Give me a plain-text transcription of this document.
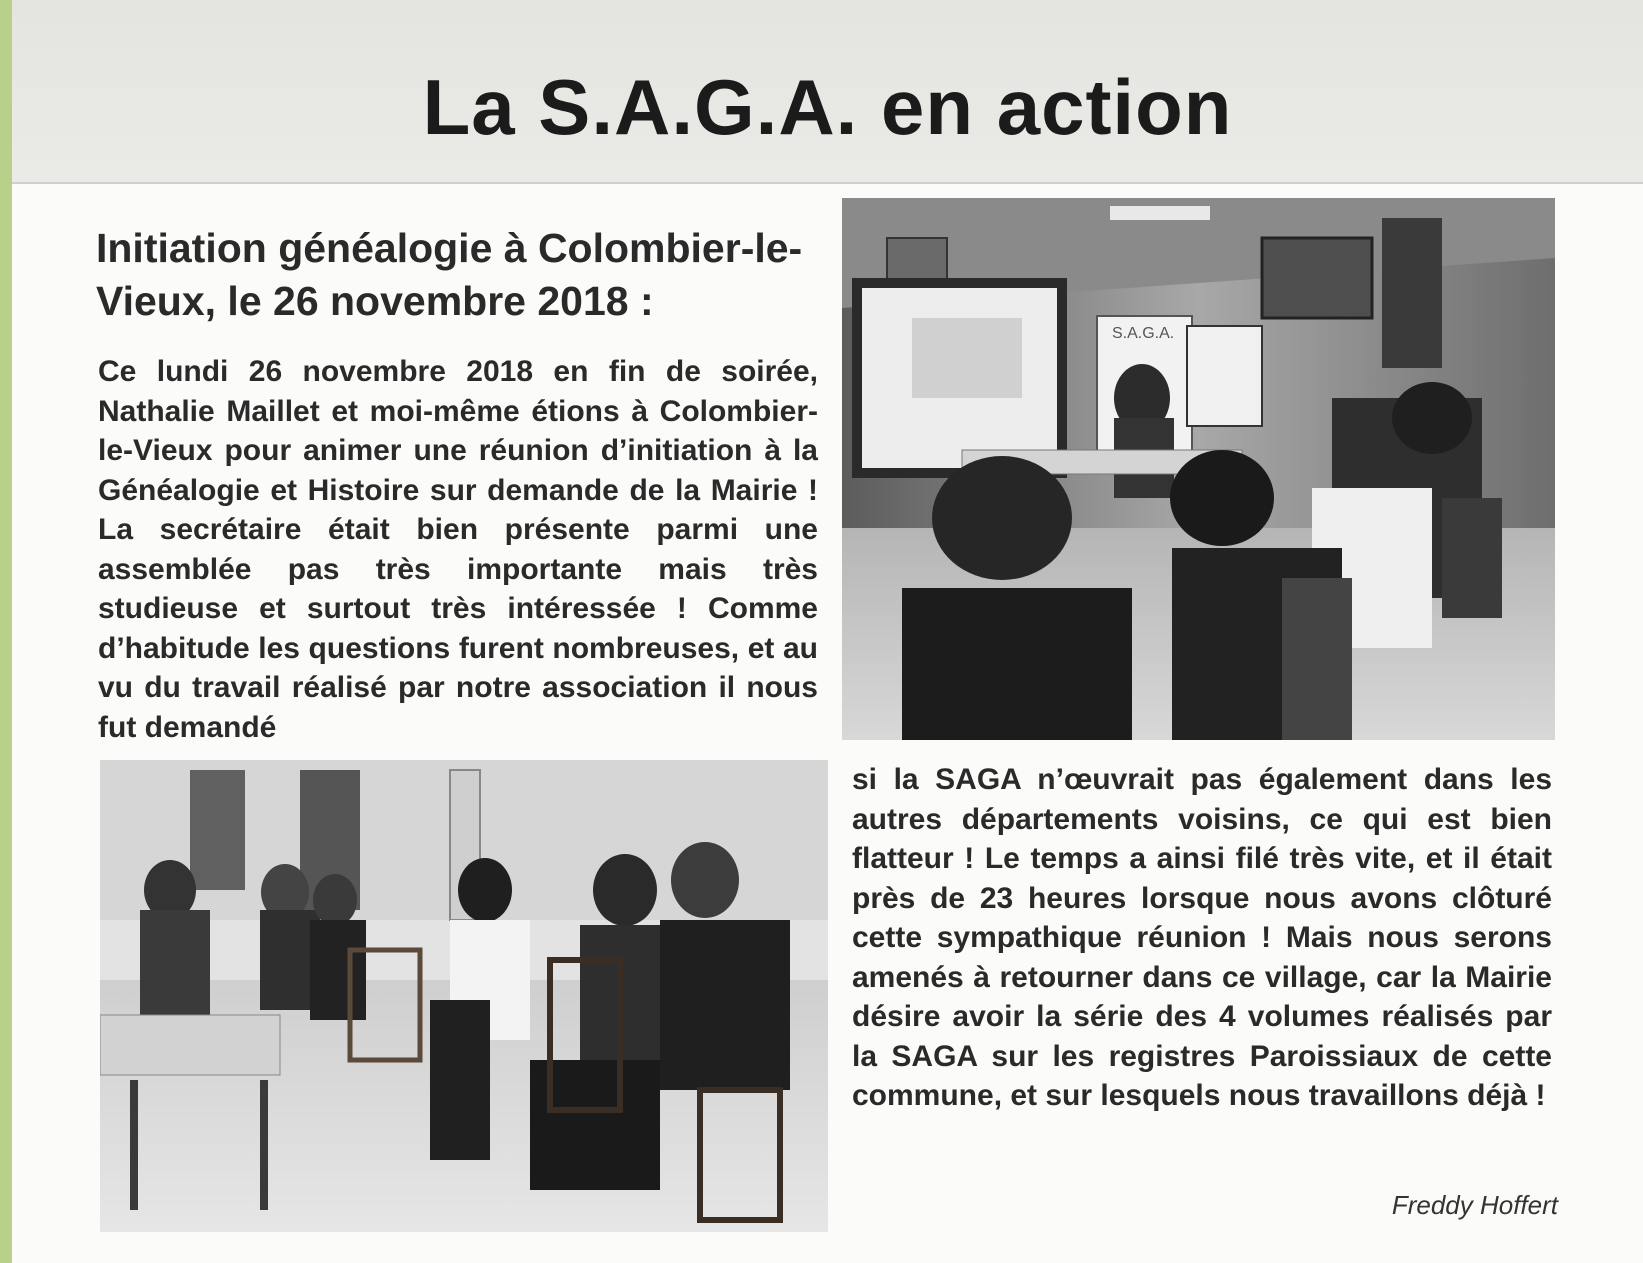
La S.A.G.A. en action
Initiation généalogie à Colombier-le-Vieux, le 26 novembre 2018 :

Ce lundi 26 novembre 2018 en fin de soirée, Nathalie Maillet et moi-même étions à Colombier-le-Vieux pour animer une réunion d’initiation à la Généalogie et Histoire sur demande de la Mairie ! La secrétaire était bien présente parmi une assemblée pas très importante mais très studieuse et surtout très intéressée ! Comme d’habitude les questions furent nombreuses, et au vu du travail réalisé par notre association il nous fut demandé

S.A.G.A.

si la SAGA n’œuvrait pas également dans les autres départements voisins, ce qui est bien flatteur ! Le temps a ainsi filé très vite, et il était près de 23 heures lorsque nous avons clôturé cette sympathique réunion ! Mais nous serons amenés à retourner dans ce village, car la Mairie désire avoir la série des 4 volumes réalisés par la SAGA sur les registres Paroissiaux de cette commune, et sur lesquels nous travaillons déjà !

Freddy Hoffert
